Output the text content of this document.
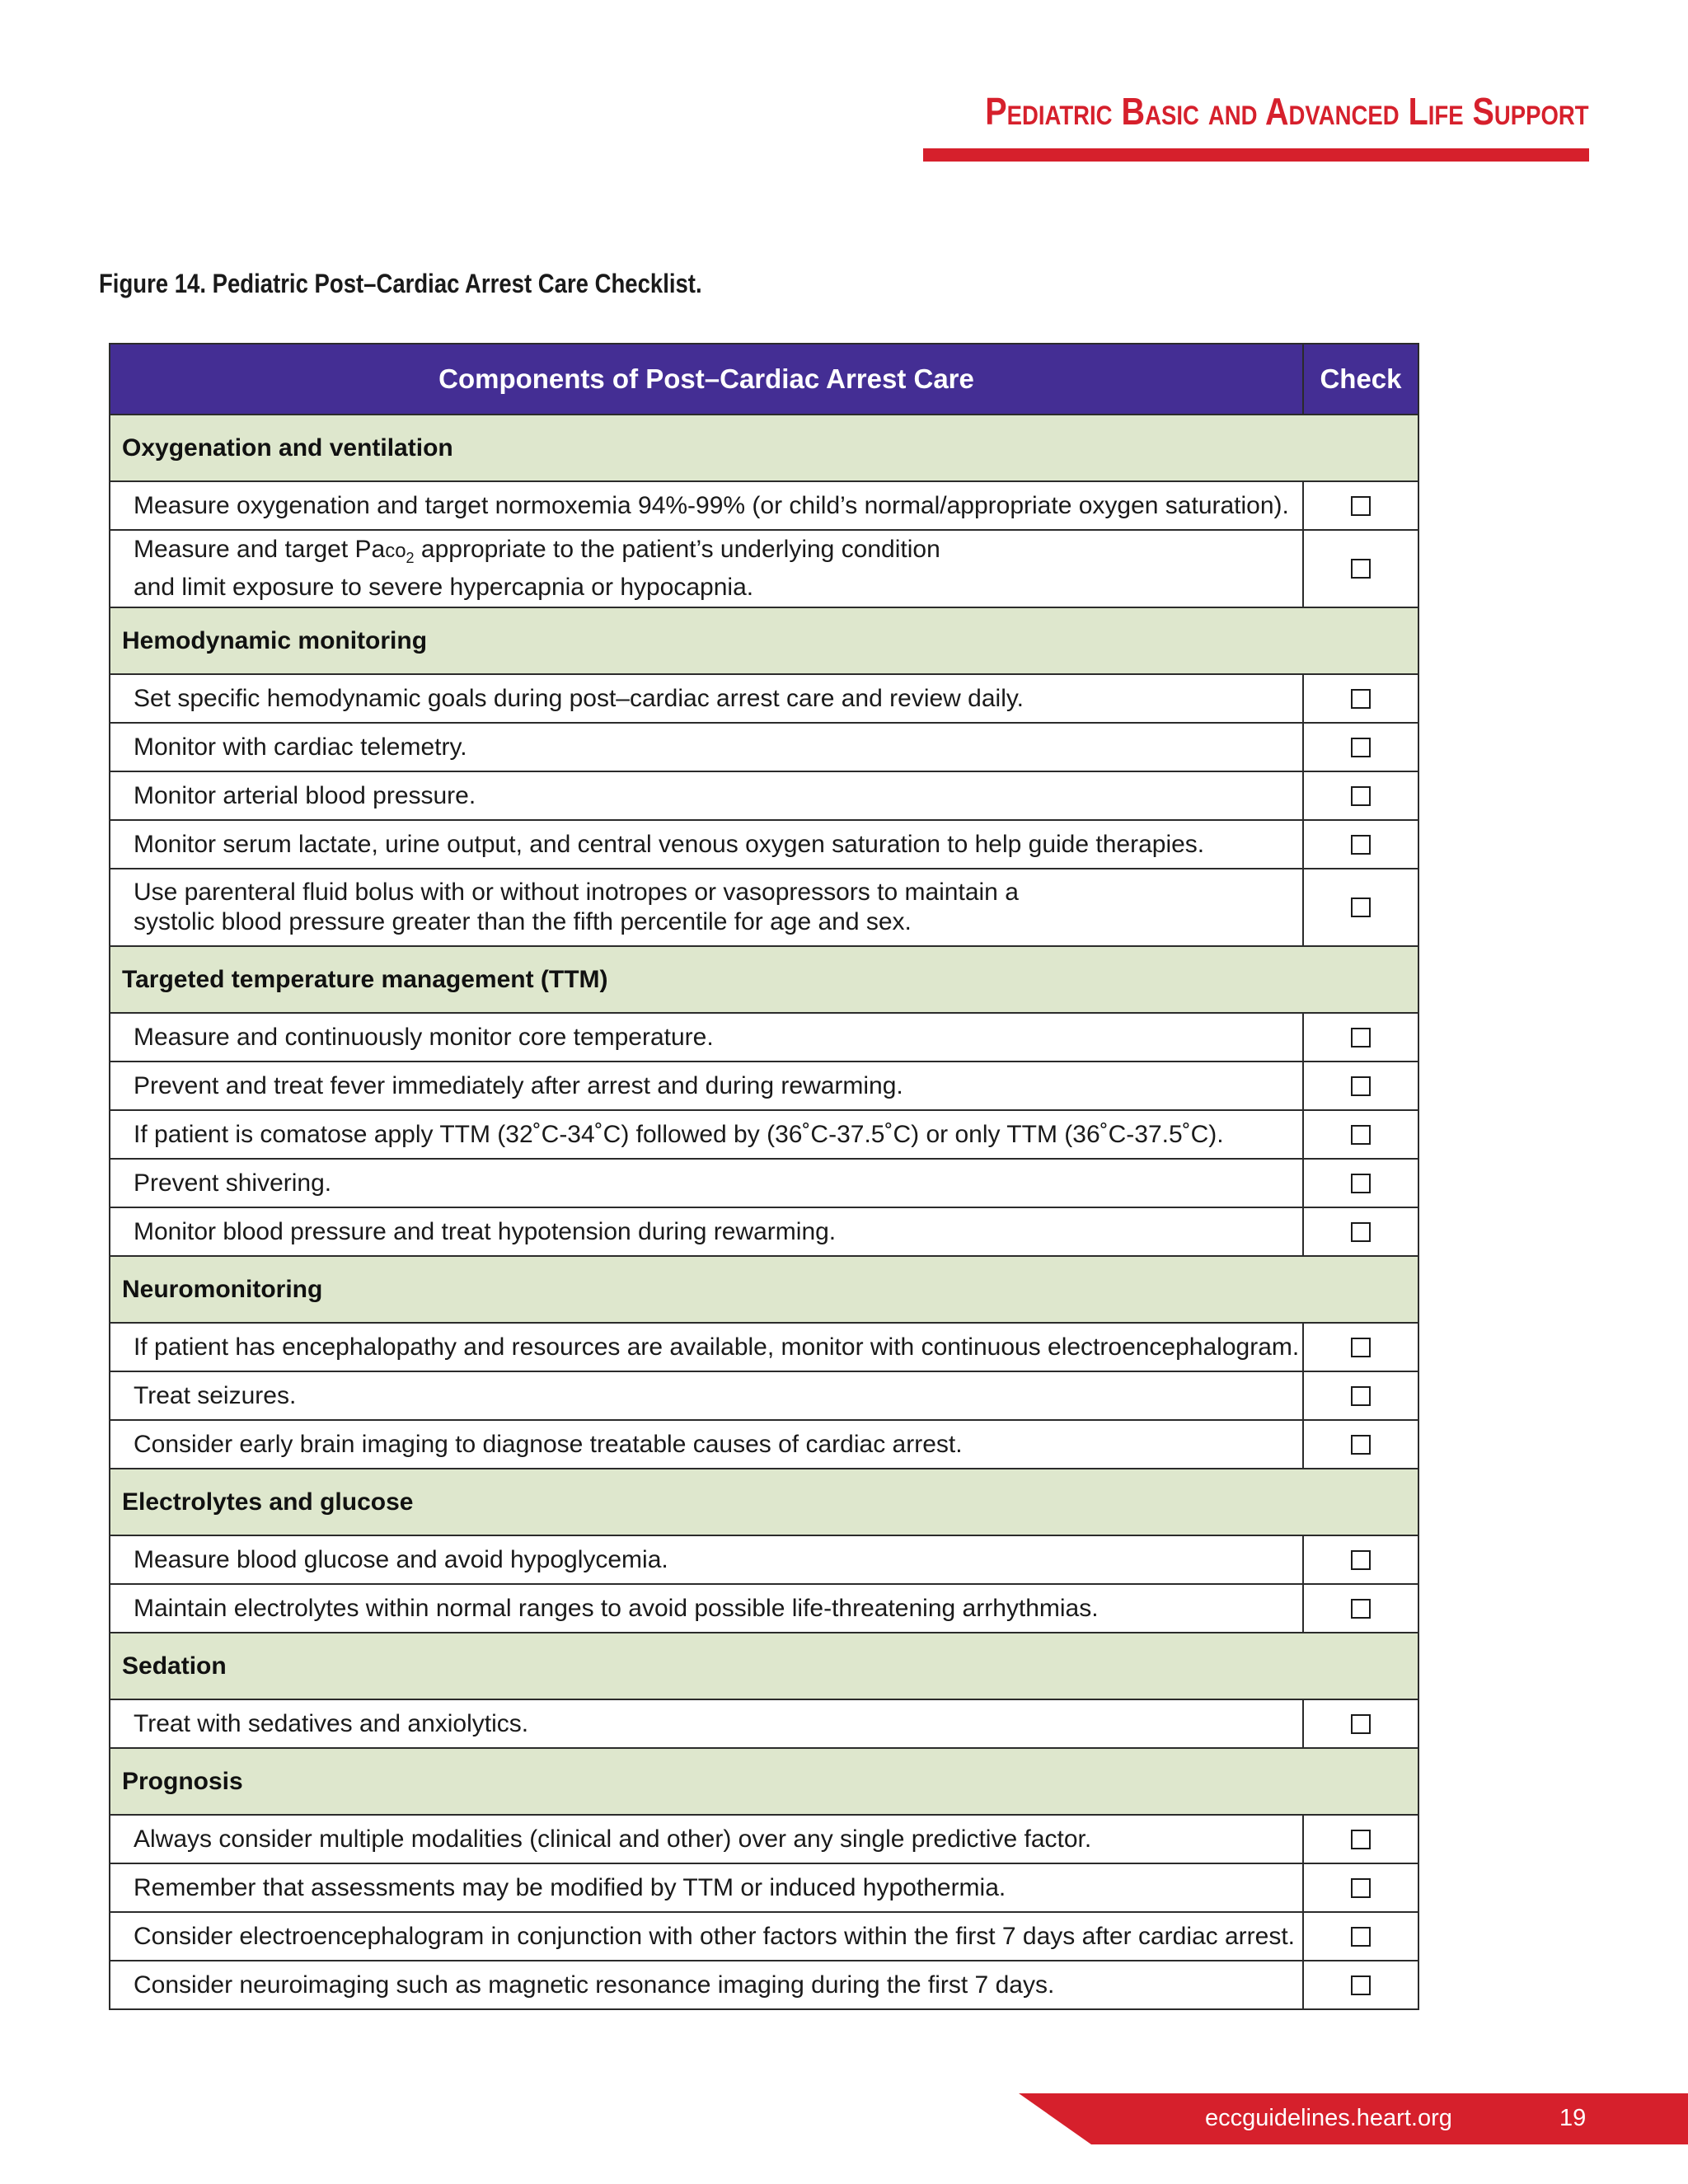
Pediatric Basic and Advanced Life Support
Figure 14. Pediatric Post–Cardiac Arrest Care Checklist.
Components of Post–Cardiac Arrest Care	Check
Oxygenation and ventilation	
Measure oxygenation and target normoxemia 94%-99% (or child’s normal/appropriate oxygen saturation).	
Measure and target Paco$_2$ appropriate to the patient’s underlying condition
and limit exposure to severe hypercapnia or hypocapnia.	
Hemodynamic monitoring	
Set specific hemodynamic goals during post–cardiac arrest care and review daily.	
Monitor with cardiac telemetry.	
Monitor arterial blood pressure.	
Monitor serum lactate, urine output, and central venous oxygen saturation to help guide therapies.	
Use parenteral fluid bolus with or without inotropes or vasopressors to maintain a
systolic blood pressure greater than the fifth percentile for age and sex.	
Targeted temperature management (TTM)	
Measure and continuously monitor core temperature.	
Prevent and treat fever immediately after arrest and during rewarming.	
If patient is comatose apply TTM (32˚C-34˚C) followed by (36˚C-37.5˚C) or only TTM (36˚C-37.5˚C).	
Prevent shivering.	
Monitor blood pressure and treat hypotension during rewarming.	
Neuromonitoring	
If patient has encephalopathy and resources are available, monitor with continuous electroencephalogram.	
Treat seizures.	
Consider early brain imaging to diagnose treatable causes of cardiac arrest.	
Electrolytes and glucose	
Measure blood glucose and avoid hypoglycemia.	
Maintain electrolytes within normal ranges to avoid possible life-threatening arrhythmias.	
Sedation	
Treat with sedatives and anxiolytics.	
Prognosis	
Always consider multiple modalities (clinical and other) over any single predictive factor.	
Remember that assessments may be modified by TTM or induced hypothermia.	
Consider electroencephalogram in conjunction with other factors within the first 7 days after cardiac arrest.	
Consider neuroimaging such as magnetic resonance imaging during the first 7 days.	
eccguidelines.heart.org	19
